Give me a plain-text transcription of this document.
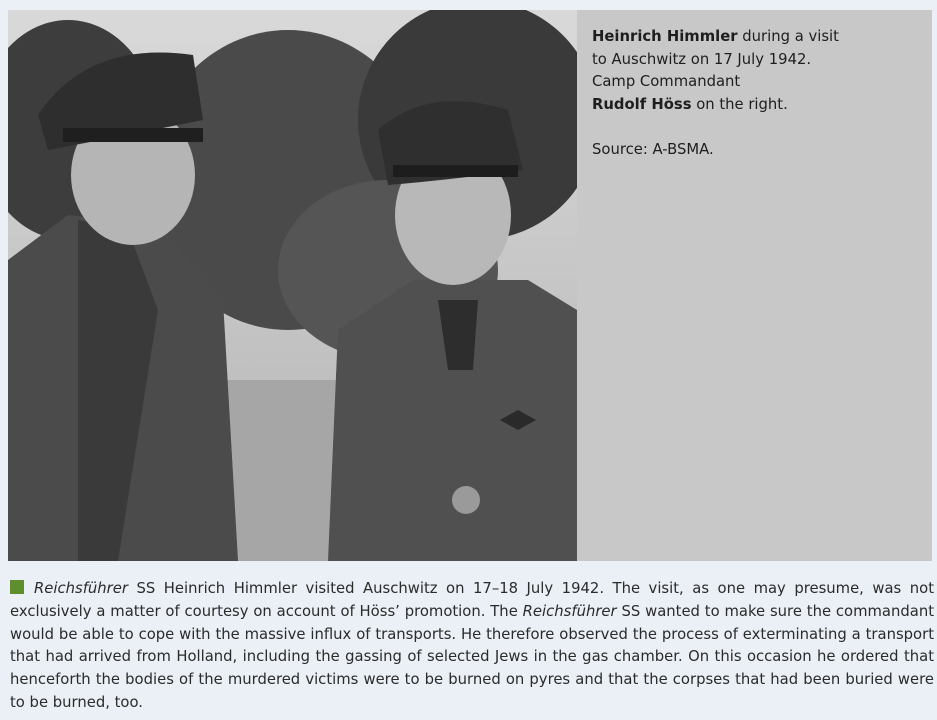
Heinrich Himmler during a visit
to Auschwitz on 17 July 1942.
Camp Commandant
Rudolf Höss on the right.
Source: A-BSMA.
Reichsführer SS Heinrich Himmler visited Auschwitz on 17–18 July 1942. The visit, as one may presume, was not exclusively a matter of courtesy on account of Höss’ promotion. The Reichsführer SS wanted to make sure the commandant would be able to cope with the massive influx of transports. He therefore observed the process of exterminating a transport that had arrived from Holland, including the gassing of selected Jews in the gas chamber. On this occasion he ordered that henceforth the bodies of the murdered victims were to be burned on pyres and that the corpses that had been buried were to be burned, too.
